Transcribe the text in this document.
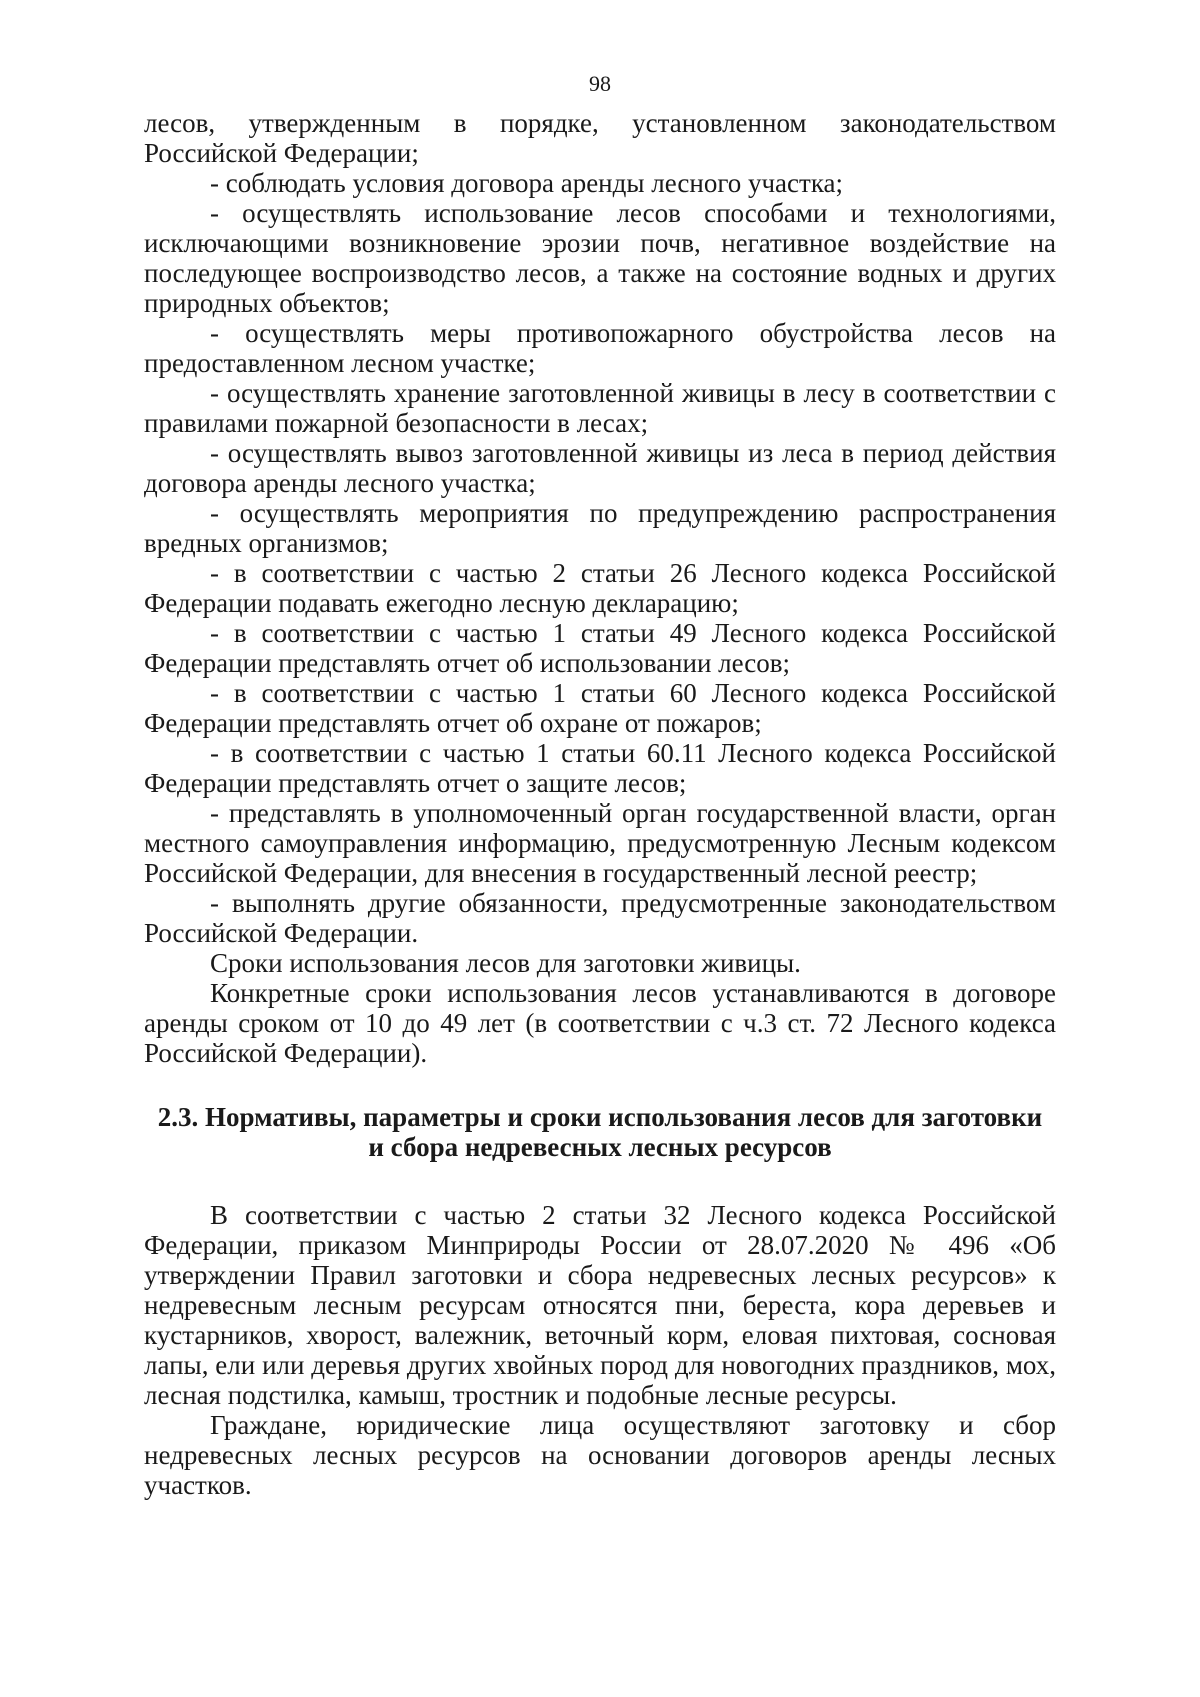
98

лесов, утвержденным в порядке, установленном законодательством Российской Федерации;

- соблюдать условия договора аренды лесного участка;

- осуществлять использование лесов способами и технологиями, исключающими возникновение эрозии почв, негативное воздействие на последующее воспроизводство лесов, а также на состояние водных и других природных объектов;

- осуществлять меры противопожарного обустройства лесов на предоставленном лесном участке;

- осуществлять хранение заготовленной живицы в лесу в соответствии с правилами пожарной безопасности в лесах;

- осуществлять вывоз заготовленной живицы из леса в период действия договора аренды лесного участка;

- осуществлять мероприятия по предупреждению распространения вредных организмов;

- в соответствии с частью 2 статьи 26 Лесного кодекса Российской Федерации подавать ежегодно лесную декларацию;

- в соответствии с частью 1 статьи 49 Лесного кодекса Российской Федерации представлять отчет об использовании лесов;

- в соответствии с частью 1 статьи 60 Лесного кодекса Российской Федерации представлять отчет об охране от пожаров;

- в соответствии с частью 1 статьи 60.11 Лесного кодекса Российской Федерации представлять отчет о защите лесов;

- представлять в уполномоченный орган государственной власти, орган местного самоуправления информацию, предусмотренную Лесным кодексом Российской Федерации, для внесения в государственный лесной реестр;

- выполнять другие обязанности, предусмотренные законодательством Российской Федерации.

Сроки использования лесов для заготовки живицы.

Конкретные сроки использования лесов устанавливаются в договоре аренды сроком от 10 до 49 лет (в соответствии с ч.3 ст. 72 Лесного кодекса Российской Федерации).

2.3. Нормативы, параметры и сроки использования лесов для заготовки и сбора недревесных лесных ресурсов

В соответствии с частью 2 статьи 32 Лесного кодекса Российской Федерации, приказом Минприроды России от 28.07.2020 № 496 «Об утверждении Правил заготовки и сбора недревесных лесных ресурсов» к недревесным лесным ресурсам относятся пни, береста, кора деревьев и кустарников, хворост, валежник, веточный корм, еловая пихтовая, сосновая лапы, ели или деревья других хвойных пород для новогодних праздников, мох, лесная подстилка, камыш, тростник и подобные лесные ресурсы.

Граждане, юридические лица осуществляют заготовку и сбор недревесных лесных ресурсов на основании договоров аренды лесных участков.
